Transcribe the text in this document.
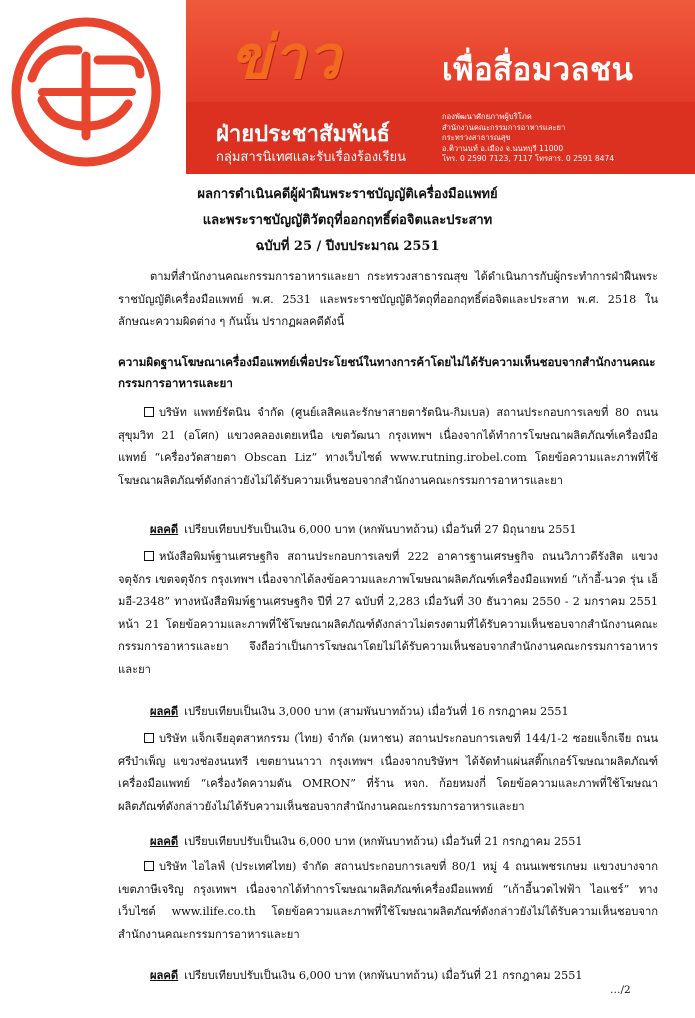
ข่าว	เพื่อสื่อมวลชน
ฝ่ายประชาสัมพันธ์
กลุ่มสารนิเทศและรับเรื่องร้องเรียน
กองพัฒนาศักยภาพผู้บริโภค
สำนักงานคณะกรรมการอาหารและยา
กระทรวงสาธารณสุข
อ.ติวานนท์ อ.เมือง จ.นนทบุรี 11000
โทร. 0 2590 7123, 7117 โทรสาร. 0 2591 8474
ผลการดำเนินคดีผู้ฝ่าฝืนพระราชบัญญัติเครื่องมือแพทย์
และพระราชบัญญัติวัตถุที่ออกฤทธิ์ต่อจิตและประสาท
ฉบับที่ 25 / ปีงบประมาณ 2551
ตามที่สำนักงานคณะกรรมการอาหารและยา กระทรวงสาธารณสุข ได้ดำเนินการกับผู้กระทำการฝ่าฝืนพระราชบัญญัติเครื่องมือแพทย์ พ.ศ. 2531 และพระราชบัญญัติวัตถุที่ออกฤทธิ์ต่อจิตและประสาท พ.ศ. 2518 ในลักษณะความผิดต่าง ๆ กันนั้น ปรากฏผลคดีดังนี้
ความผิดฐานโฆษณาเครื่องมือแพทย์เพื่อประโยชน์ในทางการค้าโดยไม่ได้รับความเห็นชอบจากสำนักงานคณะกรรมการอาหารและยา
บริษัท แพทย์รัตนิน จำกัด (ศูนย์เลสิคและรักษาสายตารัตนิน-กิมเบล) สถานประกอบการเลขที่ 80 ถนนสุขุมวิท 21 (อโศก) แขวงคลองเตยเหนือ เขตวัฒนา กรุงเทพฯ เนื่องจากได้ทำการโฆษณาผลิตภัณฑ์เครื่องมือแพทย์ “เครื่องวัดสายตา Obscan Liz” ทางเว็บไซต์ www.rutning.irobel.com โดยข้อความและภาพที่ใช้โฆษณาผลิตภัณฑ์ดังกล่าวยังไม่ได้รับความเห็นชอบจากสำนักงานคณะกรรมการอาหารและยา
ผลคดี เปรียบเทียบปรับเป็นเงิน 6,000 บาท (หกพันบาทถ้วน) เมื่อวันที่ 27 มิถุนายน 2551
หนังสือพิมพ์ฐานเศรษฐกิจ สถานประกอบการเลขที่ 222 อาคารฐานเศรษฐกิจ ถนนวิภาวดีรังสิต แขวงจตุจักร เขตจตุจักร กรุงเทพฯ เนื่องจากได้ลงข้อความและภาพโฆษณาผลิตภัณฑ์เครื่องมือแพทย์ “เก้าอี้-นวด รุ่น เอ็มอี-2348” ทางหนังสือพิมพ์ฐานเศรษฐกิจ ปีที่ 27 ฉบับที่ 2,283 เมื่อวันที่ 30 ธันวาคม 2550 - 2 มกราคม 2551 หน้า 21 โดยข้อความและภาพที่ใช้โฆษณาผลิตภัณฑ์ดังกล่าวไม่ตรงตามที่ได้รับความเห็นชอบจากสำนักงานคณะกรรมการอาหารและยา จึงถือว่าเป็นการโฆษณาโดยไม่ได้รับความเห็นชอบจากสำนักงานคณะกรรมการอาหารและยา
ผลคดี เปรียบเทียบเป็นเงิน 3,000 บาท (สามพันบาทถ้วน) เมื่อวันที่ 16 กรกฎาคม 2551
บริษัท แจ็กเจียอุตสาหกรรม (ไทย) จำกัด (มหาชน) สถานประกอบการเลขที่ 144/1-2 ซอยแจ็กเจีย ถนนศรีบำเพ็ญ แขวงช่องนนทรี เขตยานนาวา กรุงเทพฯ เนื่องจากบริษัทฯ ได้จัดทำแผ่นสติ๊กเกอร์โฆษณาผลิตภัณฑ์เครื่องมือแพทย์ “เครื่องวัดความดัน OMRON” ที่ร้าน หจก. ก้อยหมงกี่ โดยข้อความและภาพที่ใช้โฆษณาผลิตภัณฑ์ดังกล่าวยังไม่ได้รับความเห็นชอบจากสำนักงานคณะกรรมการอาหารและยา
ผลคดี เปรียบเทียบปรับเป็นเงิน 6,000 บาท (หกพันบาทถ้วน) เมื่อวันที่ 21 กรกฎาคม 2551
บริษัท ไอไลฟ์ (ประเทศไทย) จำกัด สถานประกอบการเลขที่ 80/1 หมู่ 4 ถนนเพชรเกษม แขวงบางจาก เขตภาษีเจริญ กรุงเทพฯ เนื่องจากได้ทำการโฆษณาผลิตภัณฑ์เครื่องมือแพทย์ “เก้าอี้นวดไฟฟ้า ไอแชร์” ทางเว็บไซต์ www.ilife.co.th โดยข้อความและภาพที่ใช้โฆษณาผลิตภัณฑ์ดังกล่าวยังไม่ได้รับความเห็นชอบจากสำนักงานคณะกรรมการอาหารและยา
ผลคดี เปรียบเทียบปรับเป็นเงิน 6,000 บาท (หกพันบาทถ้วน) เมื่อวันที่ 21 กรกฎาคม 2551
…/2
